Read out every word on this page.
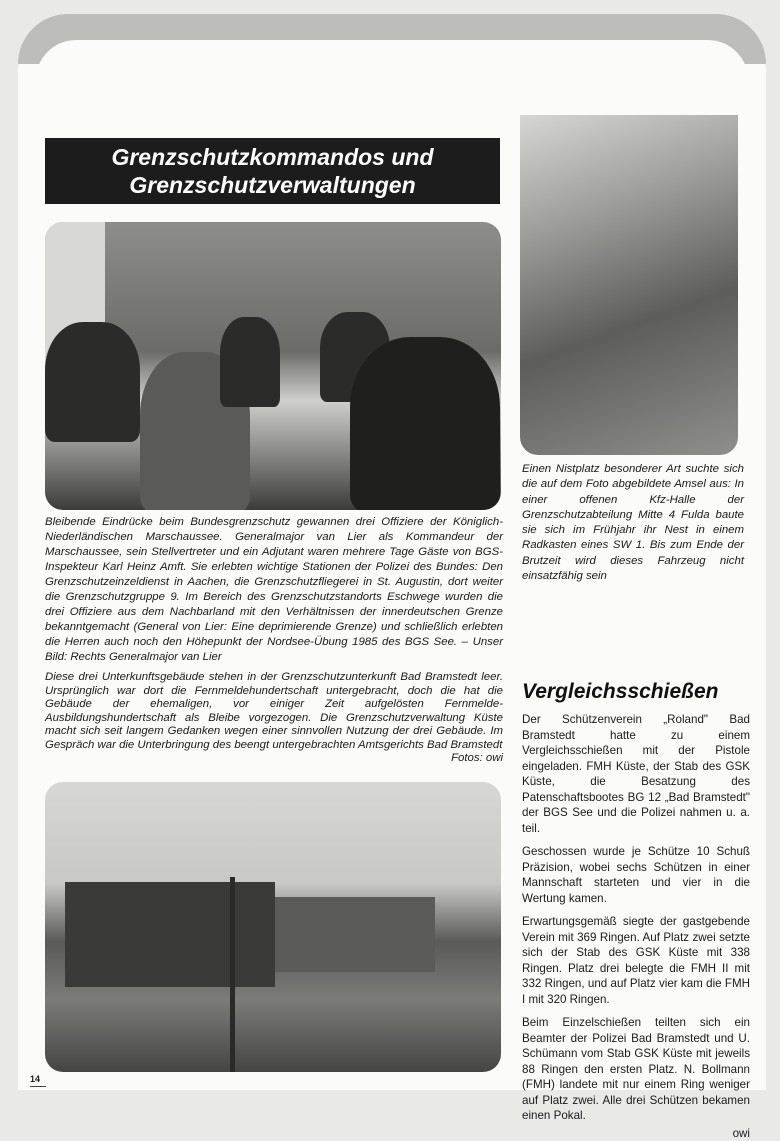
Grenzschutzkommandos und
Grenzschutzverwaltungen
Einen Nistplatz besonderer Art suchte sich die auf dem Foto abgebildete Amsel aus: In einer offenen Kfz-Halle der Grenzschutzabteilung Mitte 4 Fulda baute sie sich im Frühjahr ihr Nest in einem Radkasten eines SW 1. Bis zum Ende der Brutzeit wird dieses Fahrzeug nicht einsatzfähig sein
Bleibende Eindrücke beim Bundesgrenzschutz gewannen drei Offiziere der Königlich-Niederländischen Marschaussee. Generalmajor van Lier als Kommandeur der Marschaussee, sein Stellvertreter und ein Adjutant waren mehrere Tage Gäste von BGS-Inspekteur Karl Heinz Amft. Sie erlebten wichtige Stationen der Polizei des Bundes: Den Grenzschutzeinzeldienst in Aachen, die Grenzschutzfliegerei in St. Augustin, dort weiter die Grenzschutzgruppe 9. Im Bereich des Grenzschutzstandorts Eschwege wurden die drei Offiziere aus dem Nachbarland mit den Verhältnissen der innerdeutschen Grenze bekanntgemacht (General von Lier: Eine deprimierende Grenze) und schließlich erlebten die Herren auch noch den Höhepunkt der Nordsee-Übung 1985 des BGS See. – Unser Bild: Rechts Generalmajor van Lier
Diese drei Unterkunftsgebäude stehen in der Grenzschutzunterkunft Bad Bramstedt leer. Ursprünglich war dort die Fernmeldehundertschaft untergebracht, doch die hat die Gebäude der ehemaligen, vor einiger Zeit aufgelösten Fernmelde-Ausbildungshundertschaft als Bleibe vorgezogen. Die Grenzschutzverwaltung Küste macht sich seit langem Gedanken wegen einer sinnvollen Nutzung der drei Gebäude. Im Gespräch war die Unterbringung des beengt untergebrachten Amtsgerichts Bad Bramstedt
Fotos: owi
Vergleichsschießen

Der Schützenverein „Roland" Bad Bramstedt hatte zu einem Vergleichsschießen mit der Pistole eingeladen. FMH Küste, der Stab des GSK Küste, die Besatzung des Patenschaftsbootes BG 12 „Bad Bramstedt" der BGS See und die Polizei nahmen u. a. teil.

Geschossen wurde je Schütze 10 Schuß Präzision, wobei sechs Schützen in einer Mannschaft starteten und vier in die Wertung kamen.

Erwartungsgemäß siegte der gastgebende Verein mit 369 Ringen. Auf Platz zwei setzte sich der Stab des GSK Küste mit 338 Ringen. Platz drei belegte die FMH II mit 332 Ringen, und auf Platz vier kam die FMH I mit 320 Ringen.

Beim Einzelschießen teilten sich ein Beamter der Polizei Bad Bramstedt und U. Schümann vom Stab GSK Küste mit jeweils 88 Ringen den ersten Platz. N. Bollmann (FMH) landete mit nur einem Ring weniger auf Platz zwei. Alle drei Schützen bekamen einen Pokal.

owi

14
